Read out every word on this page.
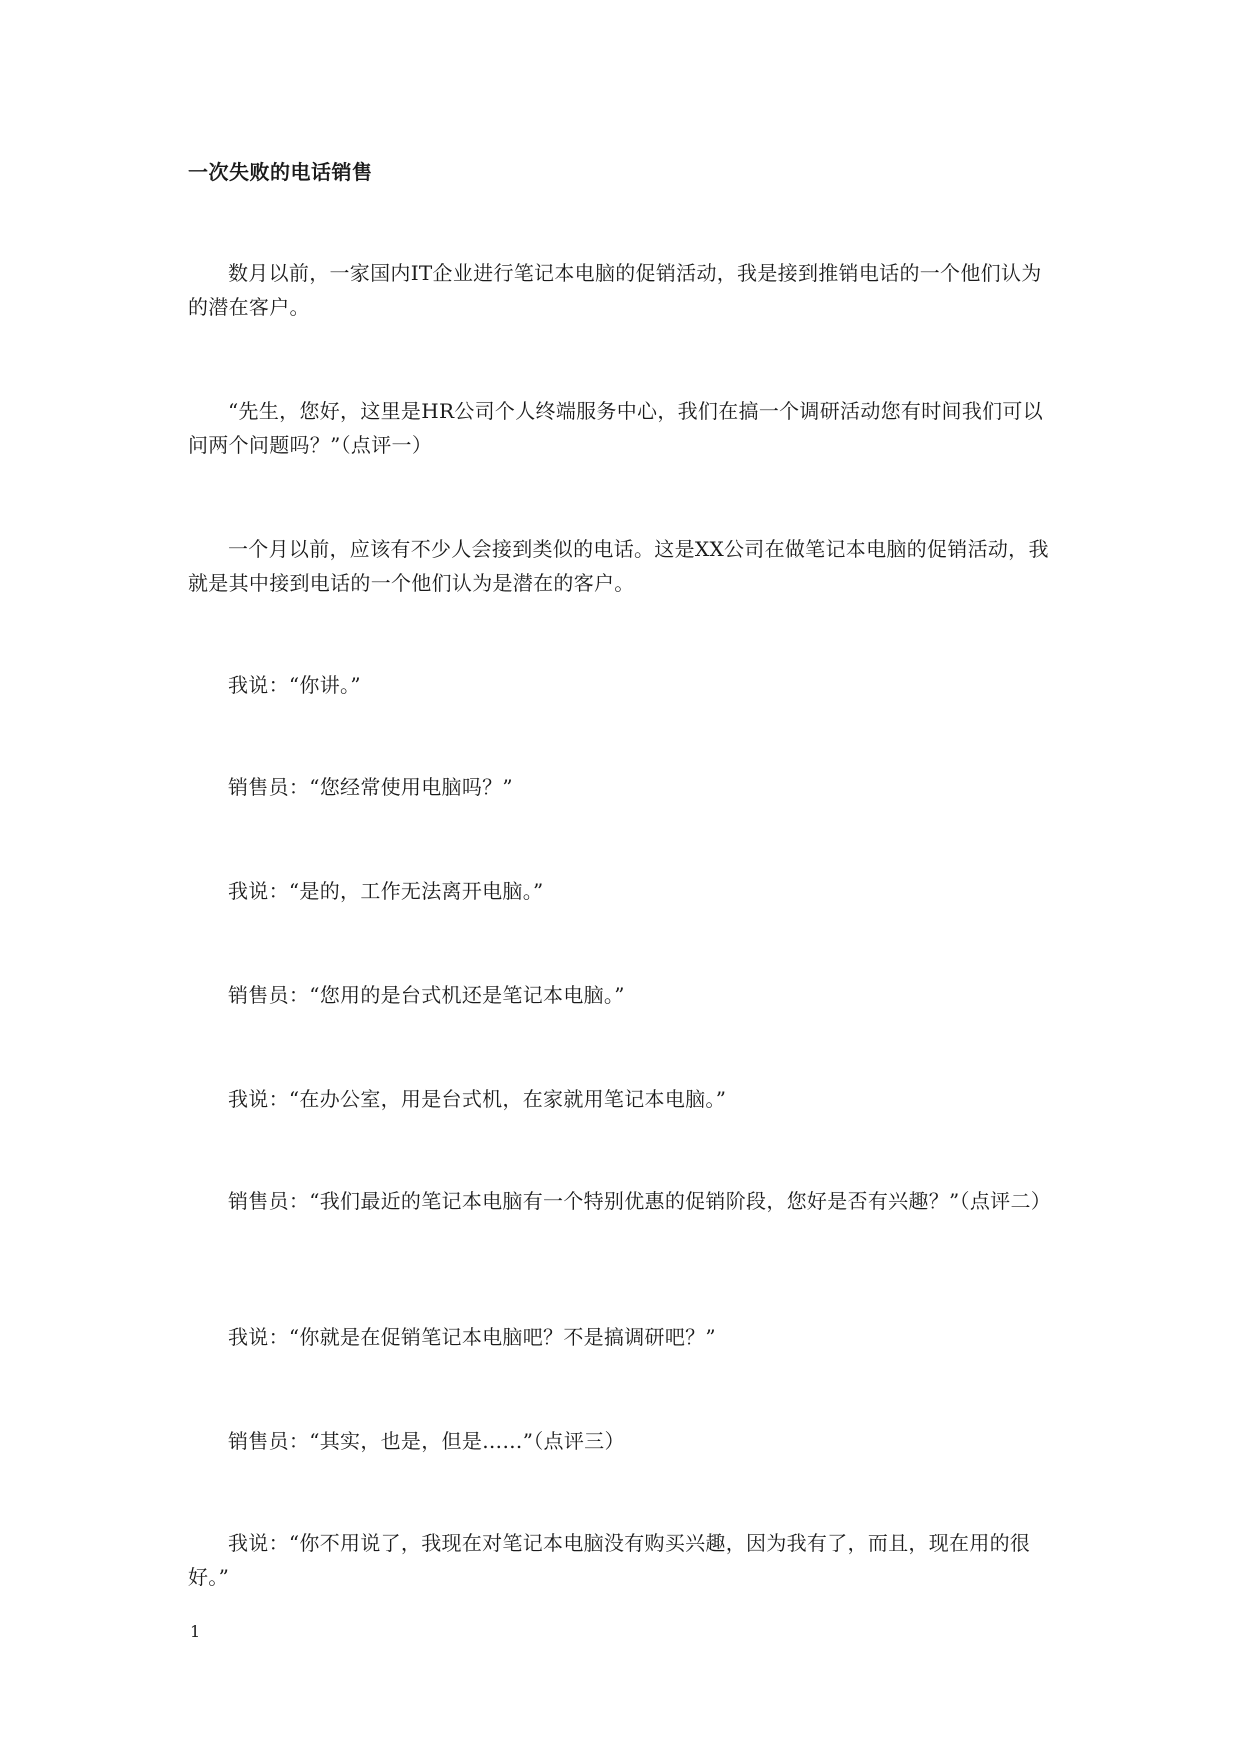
一次失败的电话销售

数月以前，一家国内IT企业进行笔记本电脑的促销活动，我是接到推销电话的一个他们认为的潜在客户。

“先生，您好，这里是HR公司个人终端服务中心，我们在搞一个调研活动您有时间我们可以问两个问题吗？”（点评一）

一个月以前，应该有不少人会接到类似的电话。这是XX公司在做笔记本电脑的促销活动，我就是其中接到电话的一个他们认为是潜在的客户。

我说：“你讲。”

销售员：“您经常使用电脑吗？”

我说：“是的，工作无法离开电脑。”

销售员：“您用的是台式机还是笔记本电脑。”

我说：“在办公室，用是台式机，在家就用笔记本电脑。”

销售员：“我们最近的笔记本电脑有一个特别优惠的促销阶段，您好是否有兴趣？”（点评二）

我说：“你就是在促销笔记本电脑吧？不是搞调研吧？”

销售员：“其实，也是，但是……”（点评三）

我说：“你不用说了，我现在对笔记本电脑没有购买兴趣，因为我有了，而且，现在用的很好。”

1
